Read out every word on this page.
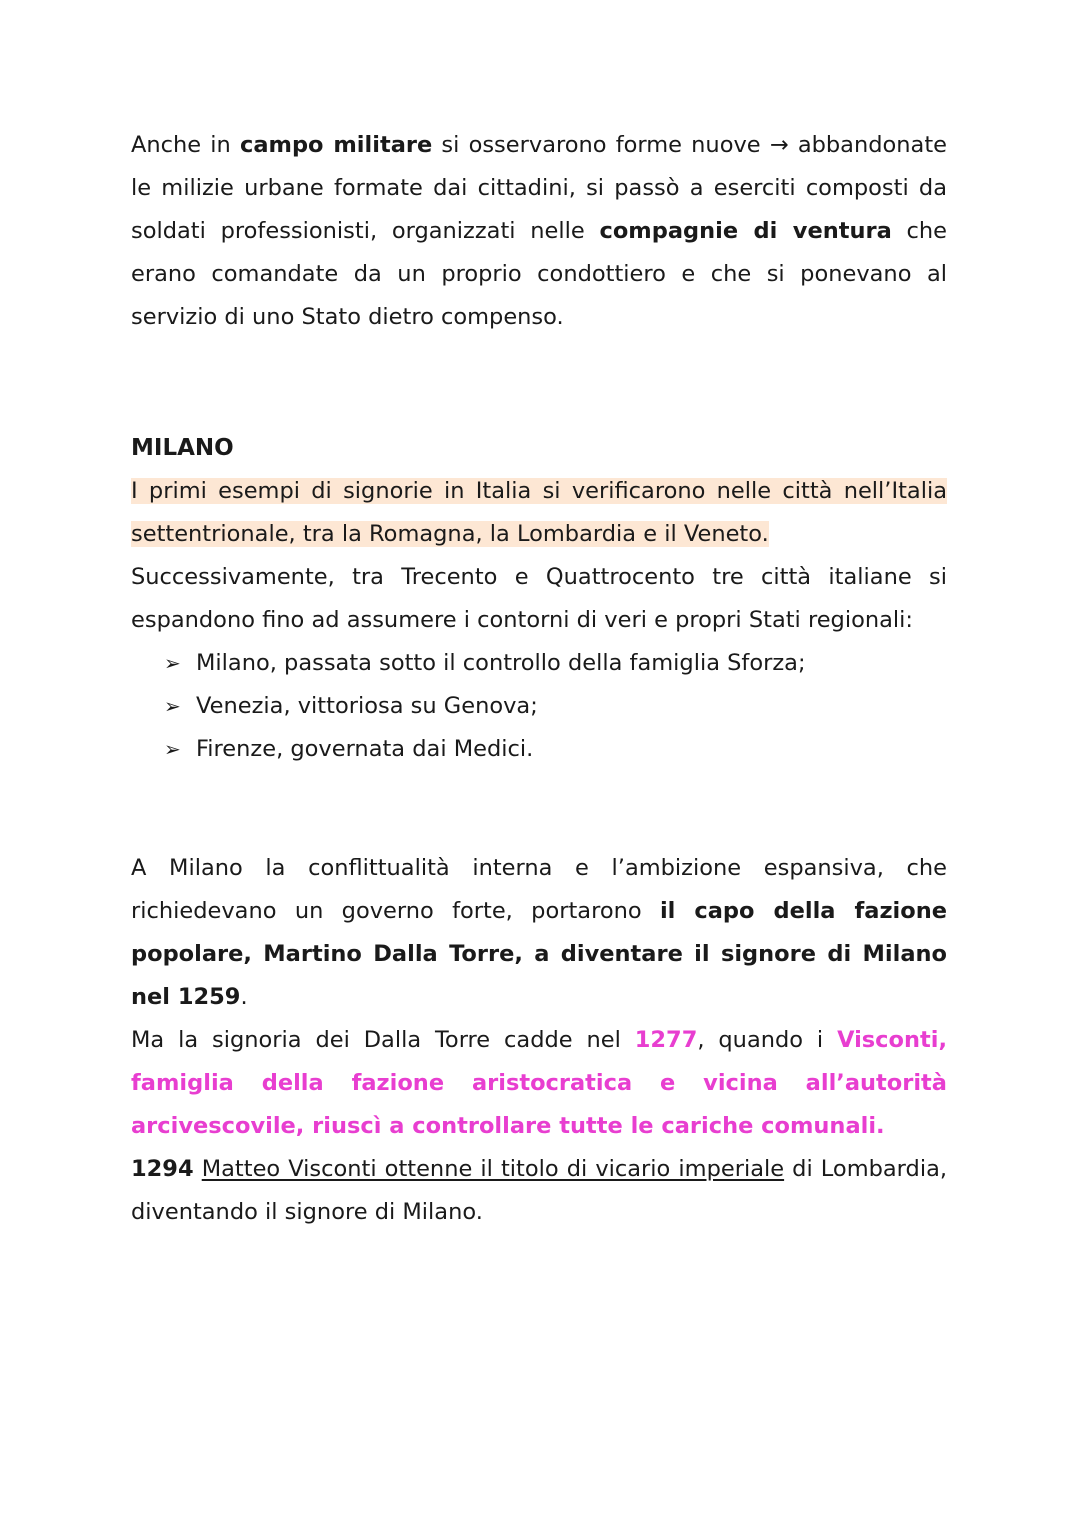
Anche in campo militare si osservarono forme nuove → abbandonate le milizie urbane formate dai cittadini, si passò a eserciti composti da soldati professionisti, organizzati nelle compagnie di ventura che erano comandate da un proprio condottiero e che si ponevano al servizio di uno Stato dietro compenso.

MILANO

I primi esempi di signorie in Italia si verificarono nelle città nell’Italia settentrionale, tra la Romagna, la Lombardia e il Veneto.

Successivamente, tra Trecento e Quattrocento tre città italiane si espandono fino ad assumere i contorni di veri e propri Stati regionali:

➢ Milano, passata sotto il controllo della famiglia Sforza;
➢ Venezia, vittoriosa su Genova;
➢ Firenze, governata dai Medici.

A Milano la conflittualità interna e l’ambizione espansiva, che richiedevano un governo forte, portarono il capo della fazione popolare, Martino Dalla Torre, a diventare il signore di Milano nel 1259.

Ma la signoria dei Dalla Torre cadde nel 1277, quando i Visconti, famiglia della fazione aristocratica e vicina all’autorità arcivescovile, riuscì a controllare tutte le cariche comunali.

1294 Matteo Visconti ottenne il titolo di vicario imperiale di Lombardia, diventando il signore di Milano.
